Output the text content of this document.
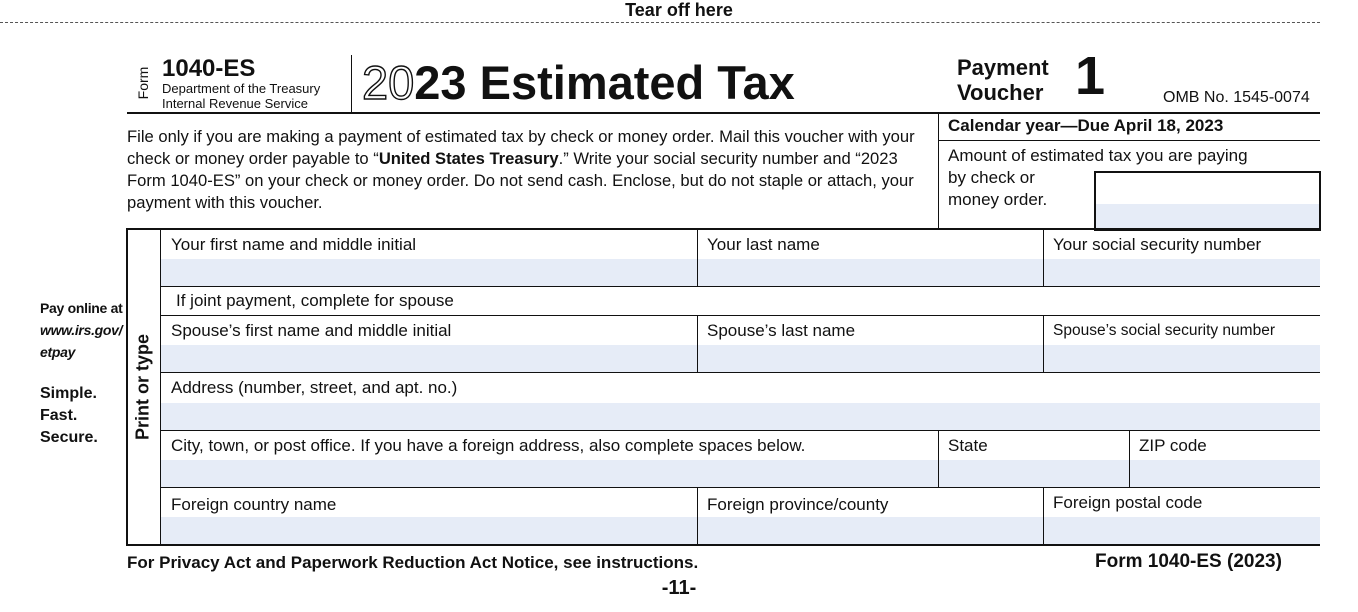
Tear off here
Form 1040-ES
Department of the Treasury
Internal Revenue Service 2023 Estimated Tax	Payment
Voucher 1	OMB No. 1545-0074
File only if you are making a payment of estimated tax by check or money order. Mail this voucher with your check or money order payable to “United States Treasury.” Write your social security number and “2023 Form 1040-ES” on your check or money order. Do not send cash. Enclose, but do not staple or attach, your payment with this voucher.
Calendar year—Due April 18, 2023
Amount of estimated tax you are paying
by check or
money order.
Pay online at
www.irs.gov/
etpay
Simple.
Fast.
Secure. Print or type
Your first name and middle initial	Your last name	Your social security number
If joint payment, complete for spouse
Spouse’s first name and middle initial	Spouse’s last name	Spouse’s social security number
Address (number, street, and apt. no.)
City, town, or post office. If you have a foreign address, also complete spaces below.	State	ZIP code
Foreign country name	Foreign province/county	Foreign postal code
For Privacy Act and Paperwork Reduction Act Notice, see instructions.	Form 1040-ES (2023)
-11-
